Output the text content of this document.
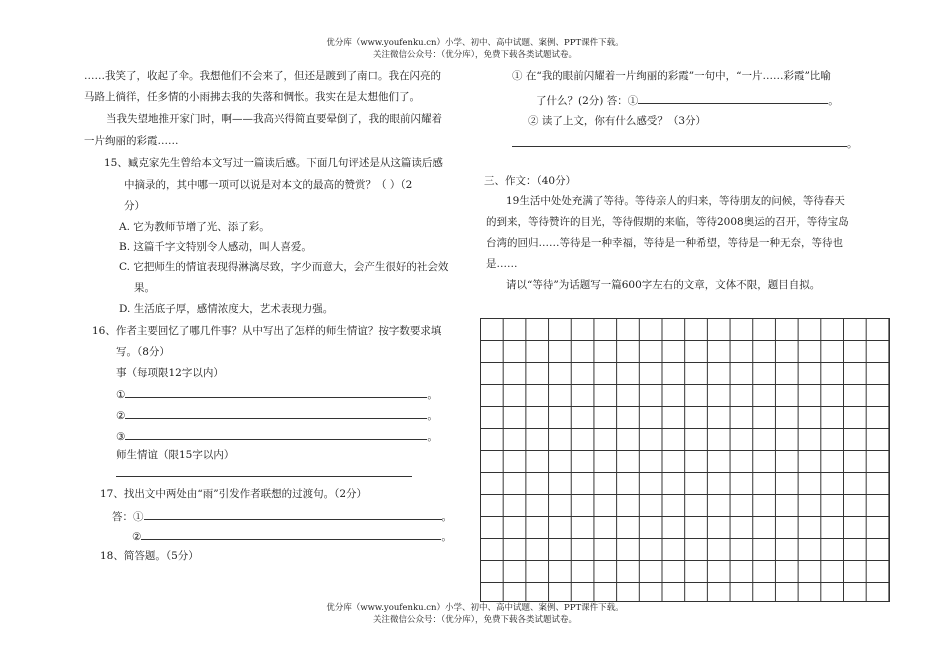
优分库（www.youfenku.cn）小学、初中、高中试题、案例、PPT课件下载。
关注微信公众号：（优分库），免费下载各类试题试卷。
……我笑了，收起了伞。我想他们不会来了，但还是踱到了南口。我在闪亮的
马路上徜徉，任多情的小雨拂去我的失落和惆怅。我实在是太想他们了。
当我失望地推开家门时，啊——我高兴得简直要晕倒了，我的眼前闪耀着
一片绚丽的彩霞……
15、臧克家先生曾给本文写过一篇读后感。下面几句评述是从这篇读后感
中摘录的，其中哪一项可以说是对本文的最高的赞赏？（ ）（2
分）
A. 它为教师节增了光、添了彩。
B. 这篇千字文特别令人感动，叫人喜爱。
C. 它把师生的情谊表现得淋漓尽致，字少而意大，会产生很好的社会效
果。
D. 生活底子厚，感情浓度大，艺术表现力强。
16、作者主要回忆了哪几件事？从中写出了怎样的师生情谊？按字数要求填
写。（8分）
事（每项限12字以内）
①	。
②	。
③	。
师生情谊（限15字以内）
17、找出文中两处由“雨”引发作者联想的过渡句。（2分）
答：①	。
②	。
18、简答题。（5分）
① 在“我的眼前闪耀着一片绚丽的彩霞”一句中，“一片……彩霞”比喻
了什么？(2分) 答：①	。
② 读了上文，你有什么感受？（3分）
。
三、作文：（40分）
19生活中处处充满了等待。等待亲人的归来，等待朋友的问候，等待春天
的到来，等待赞许的目光，等待假期的来临，等待2008奥运的召开，等待宝岛
台湾的回归……等待是一种幸福，等待是一种希望，等待是一种无奈，等待也
是……
请以“等待”为话题写一篇600字左右的文章，文体不限，题目自拟。
优分库（www.youfenku.cn）小学、初中、高中试题、案例、PPT课件下载。
关注微信公众号：（优分库），免费下载各类试题试卷。
